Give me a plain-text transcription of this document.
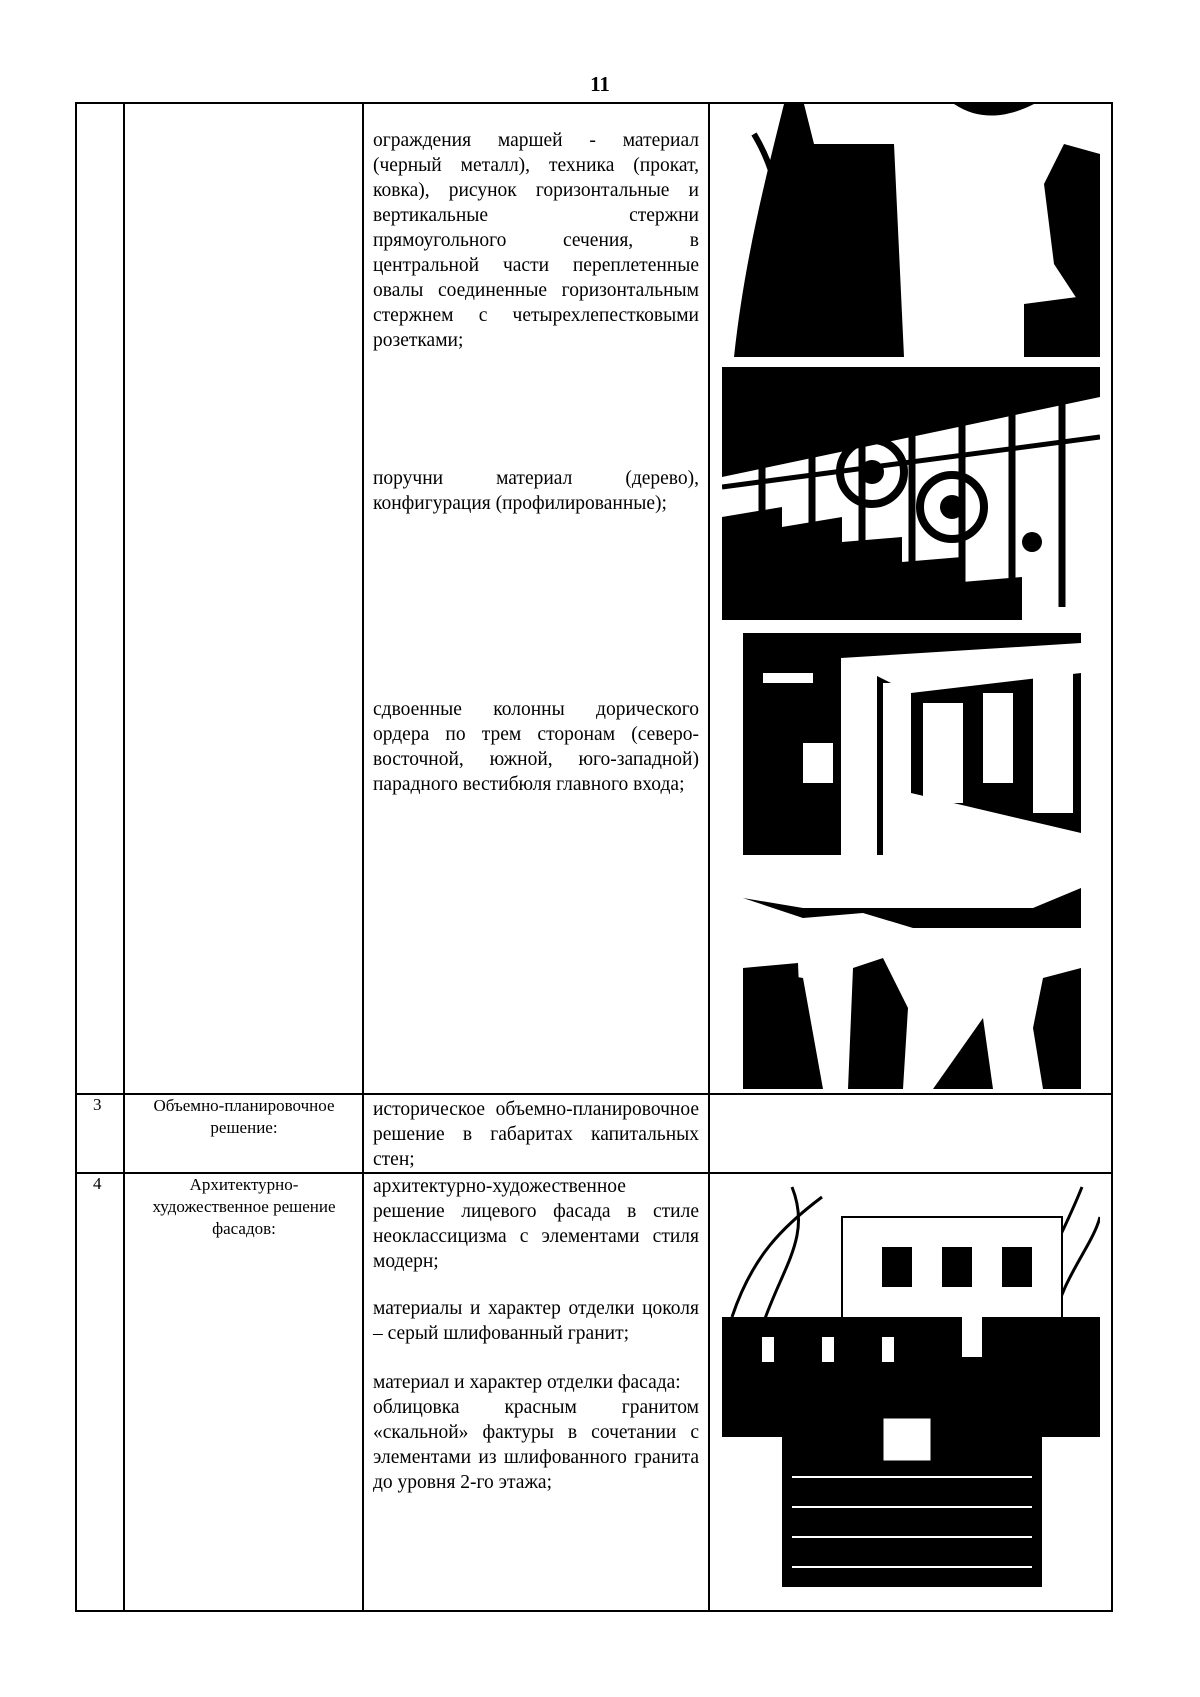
11

ограждения маршей - материал (черный металл), техника (прокат, ковка), рисунок горизонтальные и вертикальные стержни прямоугольного сечения, в центральной части переплетенные овалы соединенные горизонтальным стержнем с четырехлепестковыми розетками;

поручни материал (дерево), конфигурация (профилированные);

сдвоенные колонны дорического ордера по трем сторонам (северо-восточной, южной, юго-западной) парадного вестибюля главного входа;

3	Объемно-планировочное решение:

историческое объемно-планировочное решение в габаритах капитальных стен;

4	Архитектурно-художественное решение фасадов:

архитектурно-художественное решение лицевого фасада в стиле неоклассицизма с элементами стиля модерн;

материалы и характер отделки цоколя – серый шлифованный гранит;

материал и характер отделки фасада:

облицовка красным гранитом «скальной» фактуры в сочетании с элементами из шлифованного гранита до уровня 2-го этажа;
